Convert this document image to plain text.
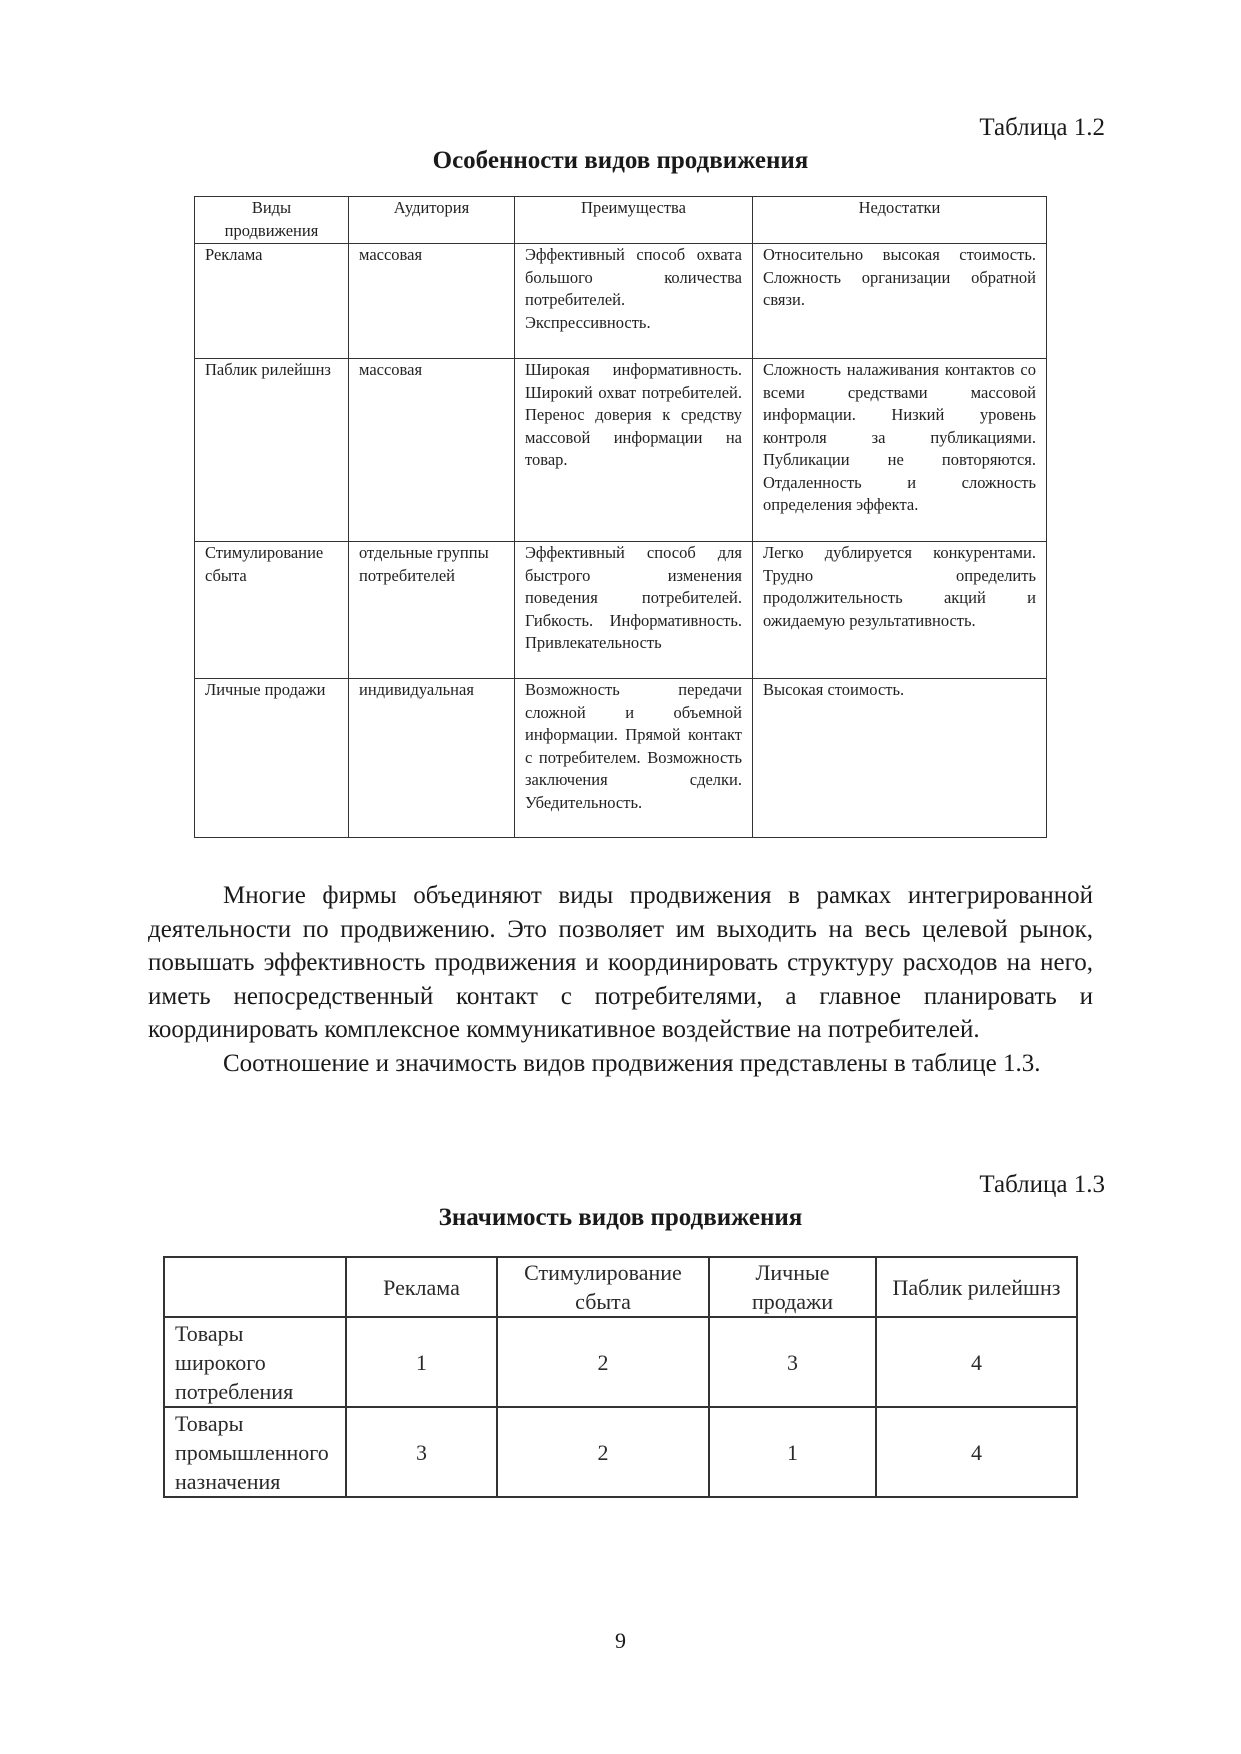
Таблица 1.2
Особенности видов продвижения
Виды продвижения	Аудитория	Преимущества	Недостатки
Реклама	массовая	Эффективный способ охвата большого количества потребителей. Экспрессивность.	Относительно высокая стоимость. Сложность организации обратной связи.
Паблик рилейшнз	массовая	Широкая информативность. Широкий охват потребителей. Перенос доверия к средству массовой информации на товар.	Сложность налаживания контактов со всеми средствами массовой информации. Низкий уровень контроля за публикациями. Публикации не повторяются. Отдаленность и сложность определения эффекта.
Стимулирование сбыта	отдельные группы потребителей	Эффективный способ для быстрого изменения поведения потребителей. Гибкость. Информативность. Привлекательность	Легко дублируется конкурентами. Трудно определить продолжительность акций и ожидаемую результативность.
Личные продажи	индивидуальная	Возможность передачи сложной и объемной информации. Прямой контакт с потребителем. Возможность заключения сделки. Убедительность.	Высокая стоимость.

Многие фирмы объединяют виды продвижения в рамках интегрированной деятельности по продвижению. Это позволяет им выходить на весь целевой рынок, повышать эффективность продвижения и координировать структуру расходов на него, иметь непосредственный контакт с потребителями, а главное планировать и координировать комплексное коммуникативное воздействие на потребителей.

Соотношение и значимость видов продвижения представлены в таблице 1.3.

Таблица 1.3
Значимость видов продвижения
	Реклама	Стимулирование сбыта	Личные продажи	Паблик рилейшнз
Товары широкого потребления	1	2	3	4
Товары промышленного назначения	3	2	1	4
9
